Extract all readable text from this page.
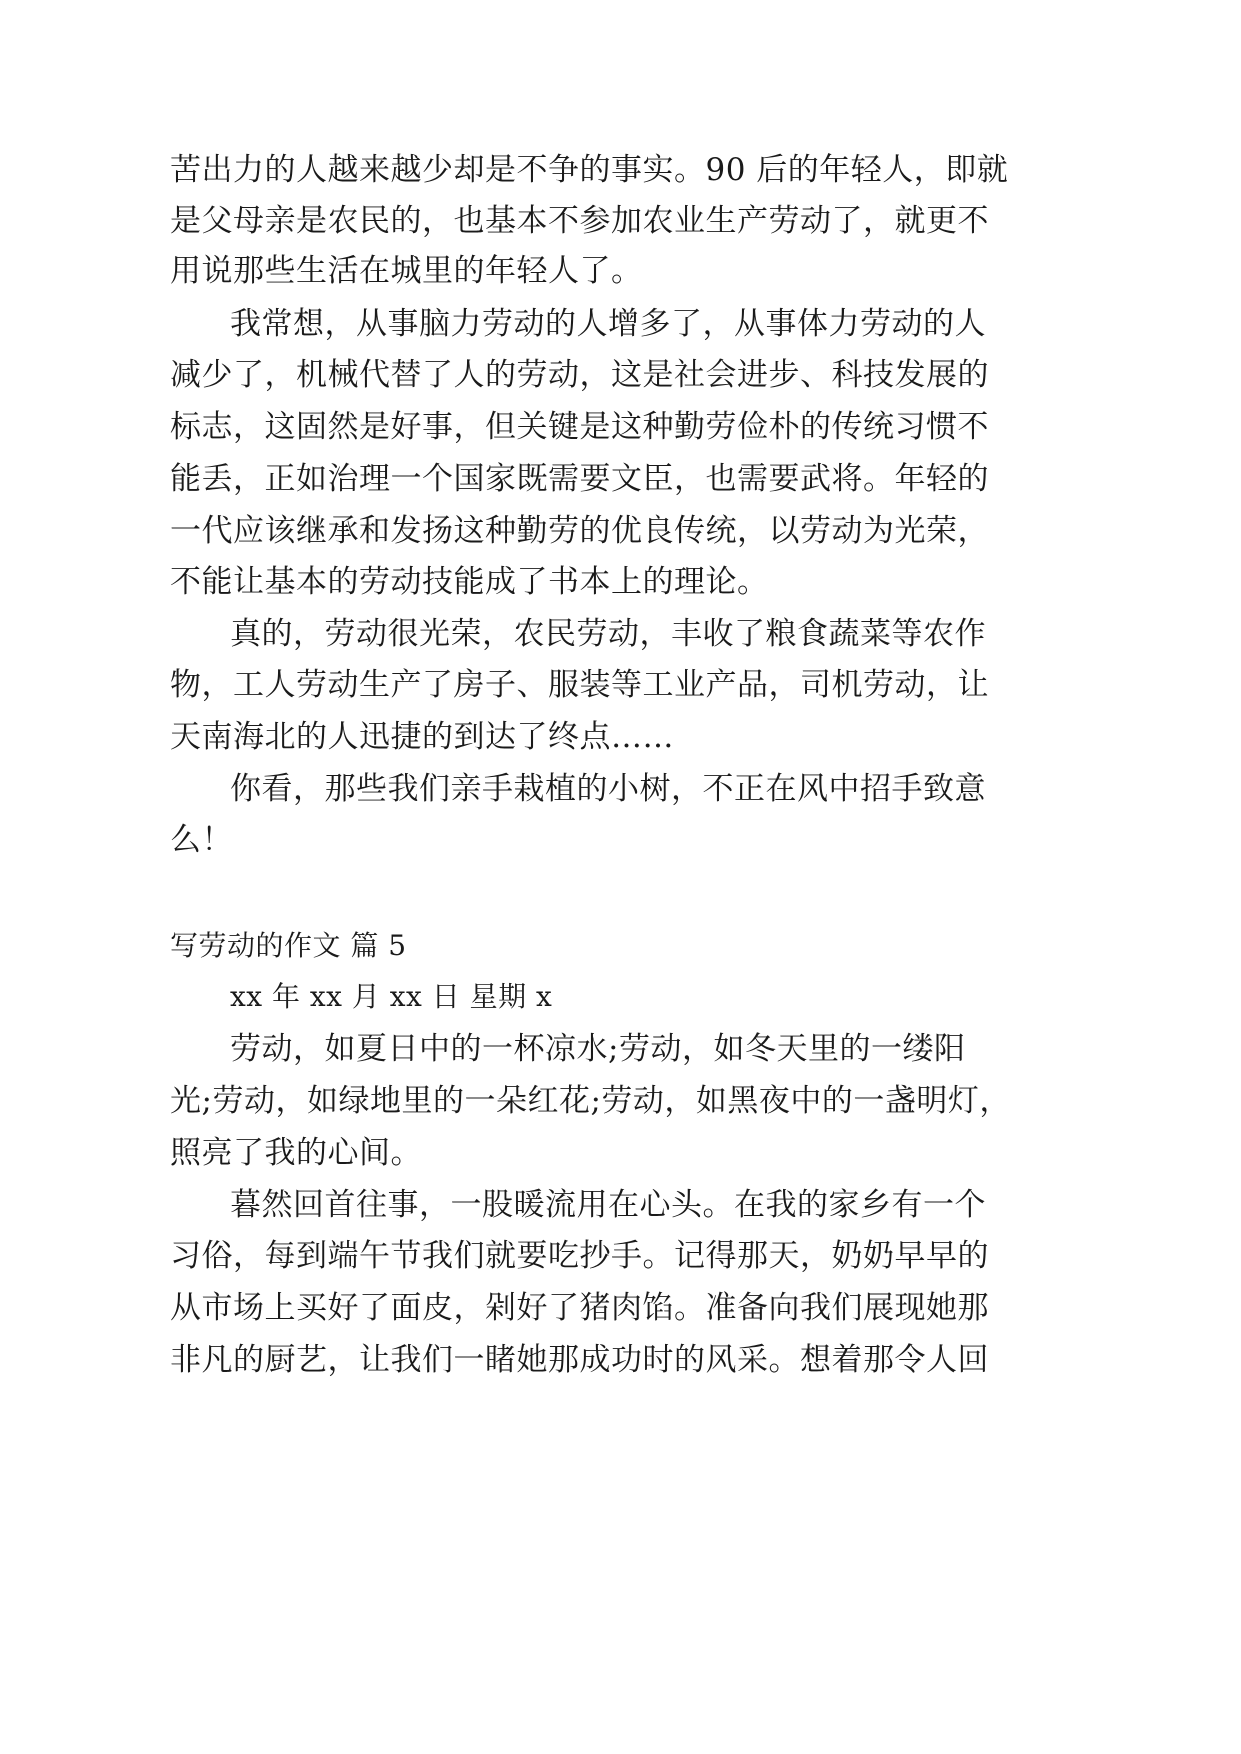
苦出力的人越来越少却是不争的事实。90 后的年轻人，即就
是父母亲是农民的，也基本不参加农业生产劳动了，就更不
用说那些生活在城里的年轻人了。
我常想，从事脑力劳动的人增多了，从事体力劳动的人
减少了，机械代替了人的劳动，这是社会进步、科技发展的
标志，这固然是好事，但关键是这种勤劳俭朴的传统习惯不
能丢，正如治理一个国家既需要文臣，也需要武将。年轻的
一代应该继承和发扬这种勤劳的优良传统，以劳动为光荣，
不能让基本的劳动技能成了书本上的理论。
真的，劳动很光荣，农民劳动，丰收了粮食蔬菜等农作
物，工人劳动生产了房子、服装等工业产品，司机劳动，让
天南海北的人迅捷的到达了终点……
你看，那些我们亲手栽植的小树，不正在风中招手致意
么！
写劳动的作文 篇 5
xx 年 xx 月 xx 日 星期 x
劳动，如夏日中的一杯凉水;劳动，如冬天里的一缕阳
光;劳动，如绿地里的一朵红花;劳动，如黑夜中的一盏明灯，
照亮了我的心间。
暮然回首往事，一股暖流用在心头。在我的家乡有一个
习俗，每到端午节我们就要吃抄手。记得那天，奶奶早早的
从市场上买好了面皮，剁好了猪肉馅。准备向我们展现她那
非凡的厨艺，让我们一睹她那成功时的风采。想着那令人回
